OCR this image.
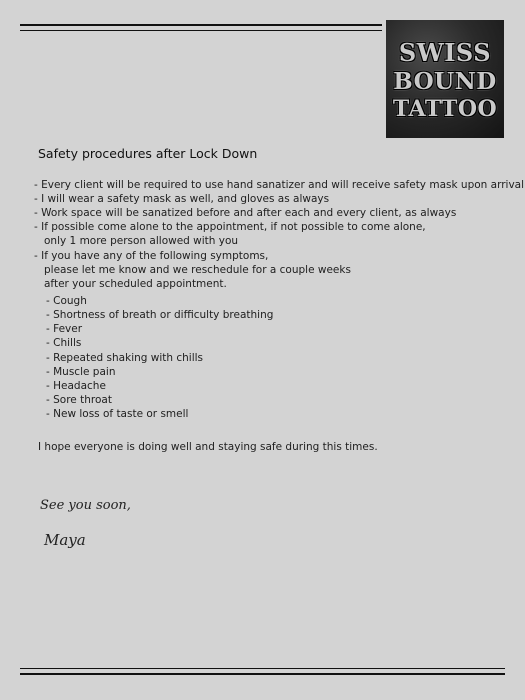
SWISS
BOUND
TATTOO
Safety procedures after Lock Down
- Every client will be required to use hand sanatizer and will receive safety mask upon arrival
- I will wear a safety mask as well, and gloves as always
- Work space will be sanatized before and after each and every client, as always
- If possible come alone to the appointment, if not possible to come alone,
only 1 more person allowed with you
- If you have any of the following symptoms,
please let me know and we reschedule for a couple weeks
after your scheduled appointment.
- Cough
- Shortness of breath or difficulty breathing
- Fever
- Chills
- Repeated shaking with chills
- Muscle pain
- Headache
- Sore throat
- New loss of taste or smell
I hope everyone is doing well and staying safe during this times.
See you soon,
Maya
